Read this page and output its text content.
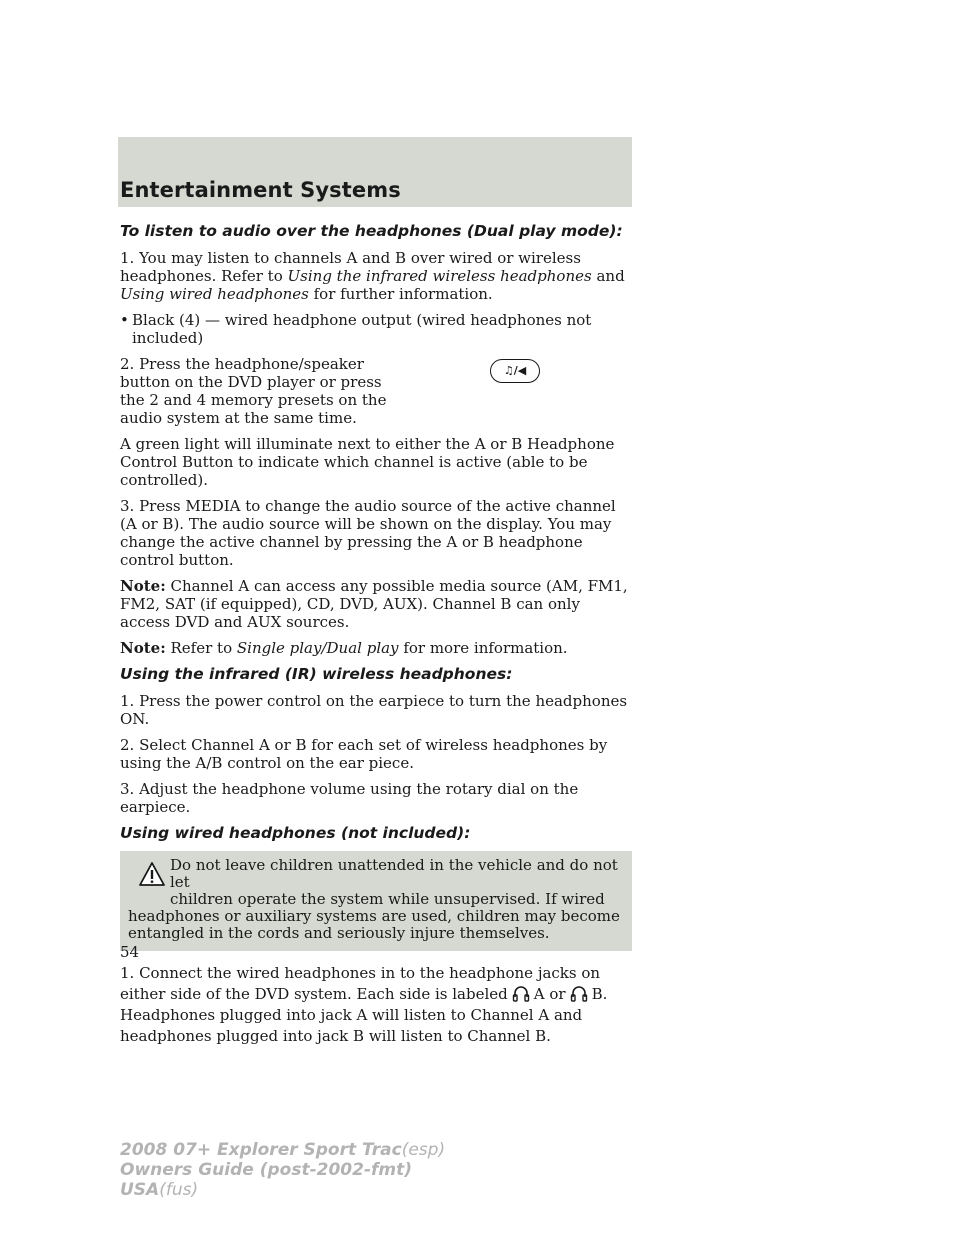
Entertainment Systems

To listen to audio over the headphones (Dual play mode):

1. You may listen to channels A and B over wired or wireless headphones. Refer to Using the infrared wireless headphones and Using wired headphones for further information.

• Black (4) — wired headphone output (wired headphones not included)
2. Press the headphone/speaker button on the DVD player or press the 2 and 4 memory presets on the audio system at the same time.
♫/◀

A green light will illuminate next to either the A or B Headphone Control Button to indicate which channel is active (able to be controlled).

3. Press MEDIA to change the audio source of the active channel (A or B). The audio source will be shown on the display. You may change the active channel by pressing the A or B headphone control button.

Note: Channel A can access any possible media source (AM, FM1, FM2, SAT (if equipped), CD, DVD, AUX). Channel B can only access DVD and AUX sources.

Note: Refer to Single play/Dual play for more information.

Using the infrared (IR) wireless headphones:

1. Press the power control on the earpiece to turn the headphones ON.

2. Select Channel A or B for each set of wireless headphones by using the A/B control on the ear piece.

3. Adjust the headphone volume using the rotary dial on the earpiece.

Using wired headphones (not included):

Do not leave children unattended in the vehicle and do not let
children operate the system while unsupervised. If wired
headphones or auxiliary systems are used, children may become entangled in the cords and seriously injure themselves.

1. Connect the wired headphones in to the headphone jacks on either side of the DVD system. Each side is labeled A or B. Headphones plugged into jack A will listen to Channel A and headphones plugged into jack B will listen to Channel B.

54
2008 07+ Explorer Sport Trac(esp)
Owners Guide (post-2002-fmt)
USA(fus)
